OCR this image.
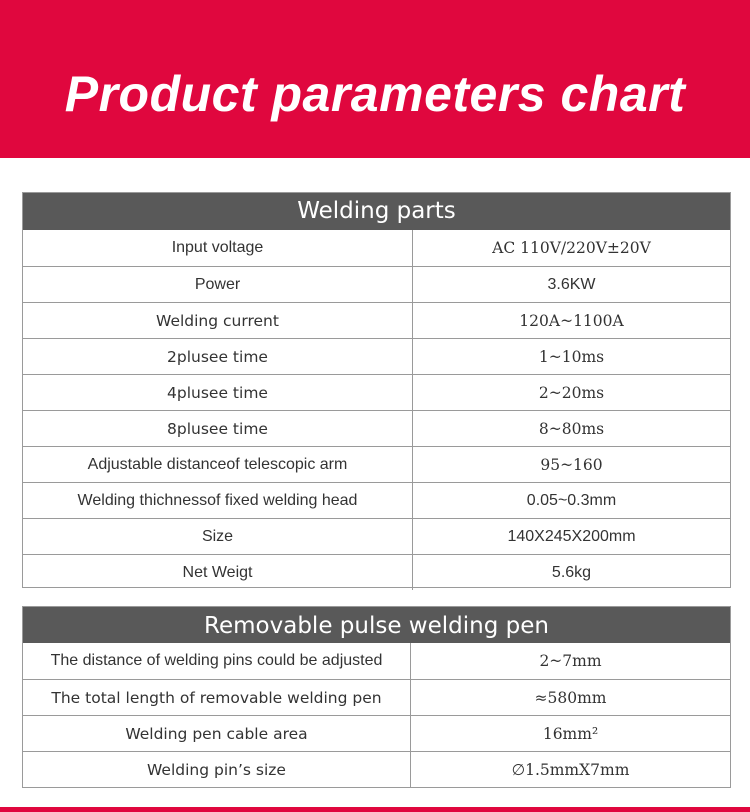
Product parameters chart
Welding parts
Input voltage	AC 110V/220V±20V
Power	3.6KW
Welding current	120A~1100A
2plusee time	1~10ms
4plusee time	2~20ms
8plusee time	8~80ms
Adjustable distanceof telescopic arm	95~160
Welding thichnessof fixed welding head	0.05~0.3mm
Size	140X245X200mm
Net Weigt	5.6kg
Removable pulse welding pen
The distance of welding pins could be adjusted	2~7mm
The total length of removable welding pen	≈580mm
Welding pen cable area	16mm²
Welding pin’s size	∅1.5mmX7mm
